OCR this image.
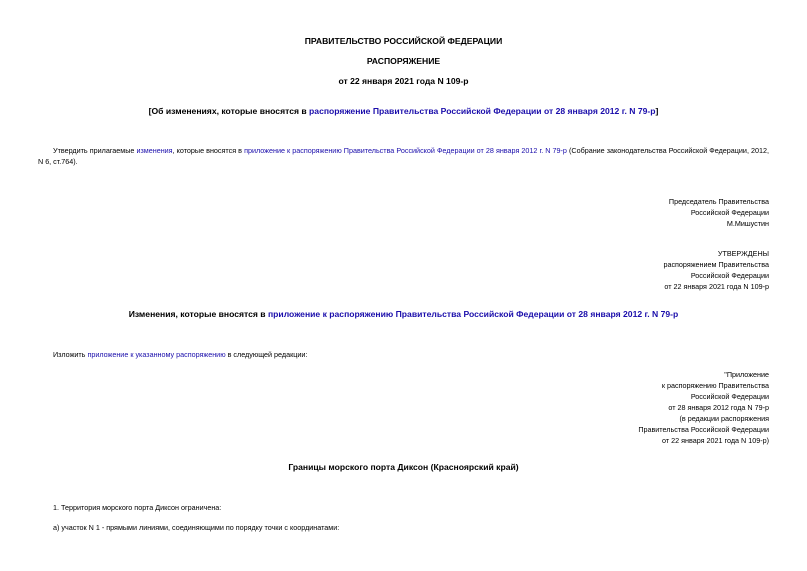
ПРАВИТЕЛЬСТВО РОССИЙСКОЙ ФЕДЕРАЦИИ
РАСПОРЯЖЕНИЕ
от 22 января 2021 года N 109-р
[Об изменениях, которые вносятся в распоряжение Правительства Российской Федерации от 28 января 2012 г. N 79-р]
Утвердить прилагаемые изменения, которые вносятся в приложение к распоряжению Правительства Российской Федерации от 28 января 2012 г. N 79-р (Собрание законодательства Российской Федерации, 2012, N 6, ст.764).
Председатель Правительства
Российской Федерации
М.Мишустин
УТВЕРЖДЕНЫ
распоряжением Правительства
Российской Федерации
от 22 января 2021 года N 109-р
Изменения, которые вносятся в приложение к распоряжению Правительства Российской Федерации от 28 января 2012 г. N 79-р
Изложить приложение к указанному распоряжению в следующей редакции:
"Приложение
к распоряжению Правительства
Российской Федерации
от 28 января 2012 года N 79-р
(в редакции распоряжения
Правительства Российской Федерации
от 22 января 2021 года N 109-р)
Границы морского порта Диксон (Красноярский край)
1. Территория морского порта Диксон ограничена:
а) участок N 1 - прямыми линиями, соединяющими по порядку точки с координатами:
